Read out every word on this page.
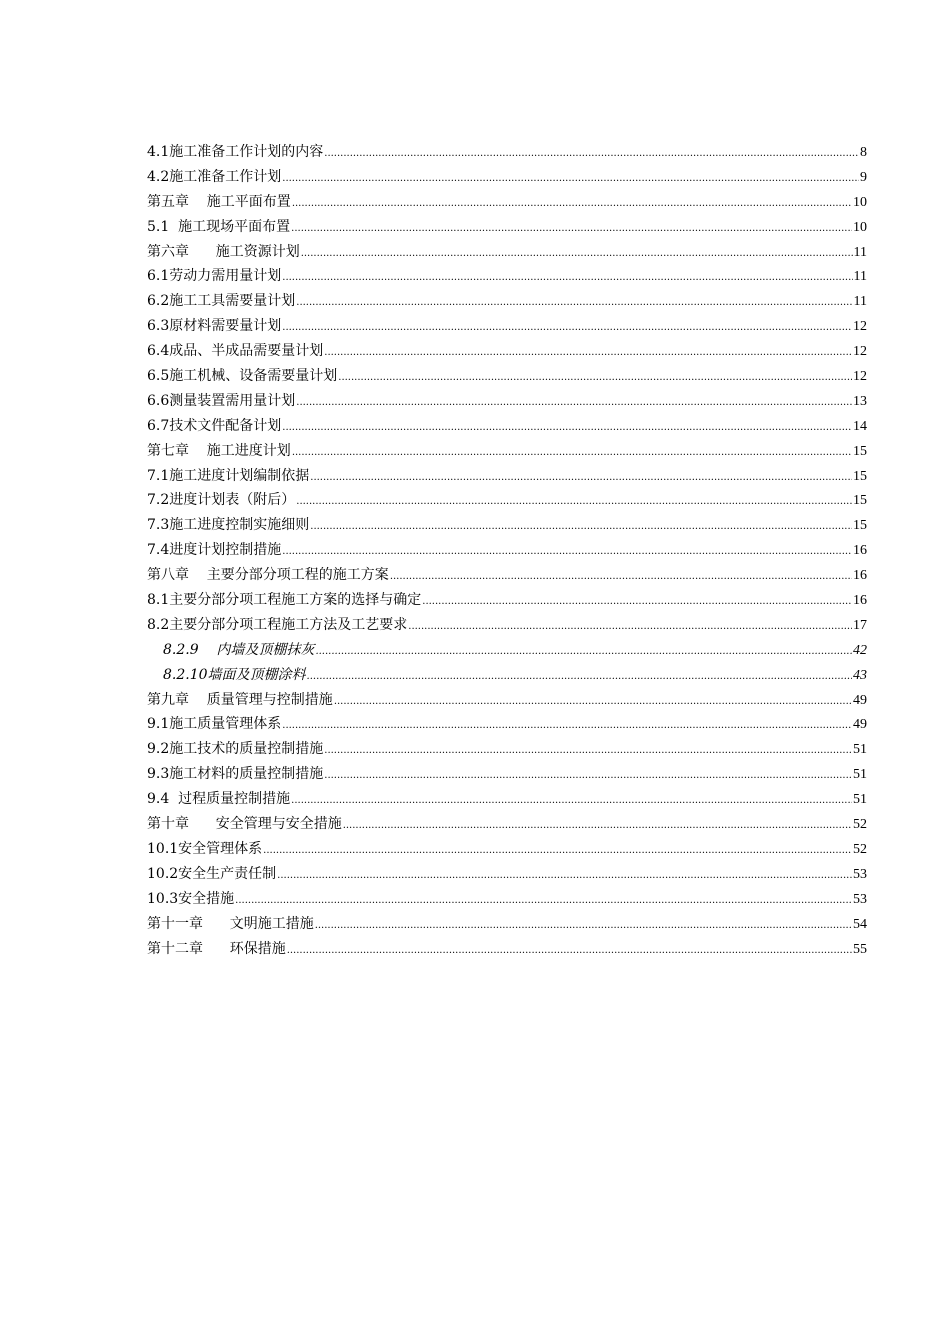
4.1施工准备工作计划的内容 .....	8
4.2施工准备工作计划 .....	9
第五章    施工平面布置 .....	10
5.1  施工现场平面布置 .....	10
第六章      施工资源计划 .....	11
6.1劳动力需用量计划 .....	11
6.2施工工具需要量计划 .....	11
6.3原材料需要量计划 .....	12
6.4成品、半成品需要量计划 .....	12
6.5施工机械、设备需要量计划 .....	12
6.6测量装置需用量计划 .....	13
6.7技术文件配备计划 .....	14
第七章    施工进度计划 .....	15
7.1施工进度计划编制依据 .....	15
7.2进度计划表（附后） .....	15
7.3施工进度控制实施细则 .....	15
7.4进度计划控制措施 .....	16
第八章    主要分部分项工程的施工方案 .....	16
8.1主要分部分项工程施工方案的选择与确定 .....	16
8.2主要分部分项工程施工方法及工艺要求 .....	17
8.2.9    内墙及顶棚抹灰 .....	42
8.2.10墙面及顶棚涂料 .....	43
第九章    质量管理与控制措施 .....	49
9.1施工质量管理体系 .....	49
9.2施工技术的质量控制措施 .....	51
9.3施工材料的质量控制措施 .....	51
9.4  过程质量控制措施 .....	51
第十章      安全管理与安全措施 .....	52
10.1安全管理体系 .....	52
10.2安全生产责任制 .....	53
10.3安全措施 .....	53
第十一章      文明施工措施 .....	54
第十二章      环保措施 .....	55
